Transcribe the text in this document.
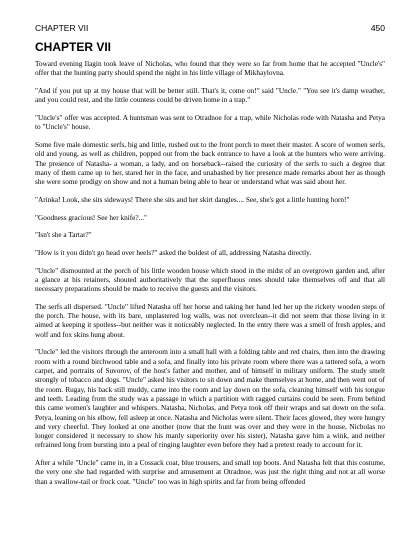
CHAPTER VII	450
CHAPTER VII

Toward evening Ilagin took leave of Nicholas, who found that they were so far from home that he accepted "Uncle's" offer that the hunting party should spend the night in his little village of Mikhaylovna.

"And if you put up at my house that will be better still. That's it, come on!" said "Uncle." "You see it's damp weather, and you could rest, and the little countess could be driven home in a trap."

"Uncle's" offer was accepted. A huntsman was sent to Otradnoe for a trap, while Nicholas rode with Natasha and Petya to "Uncle's" house.

Some five male domestic serfs, big and little, rushed out to the front porch to meet their master. A score of women serfs, old and young, as well as children, popped out from the back entrance to have a look at the hunters who were arriving. The presence of Natasha- a woman, a lady, and on horseback--raised the curiosity of the serfs to such a degree that many of them came up to her, stared her in the face, and unabashed by her presence made remarks about her as though she were some prodigy on show and not a human being able to hear or understand what was said about her.

"Arinka! Look, she sits sideways! There she sits and her skirt dangles.... See, she's got a little hunting horn!"

"Goodness gracious! See her knife?..."

"Isn't she a Tartar?"

"How is it you didn't go head over heels?" asked the boldest of all, addressing Natasha directly.

"Uncle" dismounted at the porch of his little wooden house which stood in the midst of an overgrown garden and, after a glance at his retainers, shouted authoritatively that the superfluous ones should take themselves off and that all necessary preparations should be made to receive the guests and the visitors.

The serfs all dispersed. "Uncle" lifted Natasha off her horse and taking her hand led her up the rickety wooden steps of the porch. The house, with its bare, unplastered log walls, was not overclean--it did not seem that those living in it aimed at keeping it spotless--but neither was it noticeably neglected. In the entry there was a smell of fresh apples, and wolf and fox skins hung about.

"Uncle" led the visitors through the anteroom into a small hall with a folding table and red chairs, then into the drawing room with a round birchwood table and a sofa, and finally into his private room where there was a tattered sofa, a worn carpet, and portraits of Suvorov, of the host's father and mother, and of himself in military uniform. The study smelt strongly of tobacco and dogs. "Uncle" asked his visitors to sit down and make themselves at home, and then went out of the room. Rugay, his back still muddy, came into the room and lay down on the sofa, cleaning himself with his tongue and teeth. Leading from the study was a passage in which a partition with ragged curtains could be seen. From behind this came women's laughter and whispers. Natasha, Nicholas, and Petya took off their wraps and sat down on the sofa. Petya, leaning on his elbow, fell asleep at once. Natasha and Nicholas were silent. Their faces glowed, they were hungry and very cheerful. They looked at one another (now that the hunt was over and they were in the house, Nicholas no longer considered it necessary to show his manly superiority over his sister), Natasha gave him a wink, and neither refrained long from bursting into a peal of ringing laughter even before they had a pretext ready to account for it.

After a while "Uncle" came in, in a Cossack coat, blue trousers, and small top boots. And Natasha felt that this costume, the very one she had regarded with surprise and amusement at Otradnoe, was just the right thing and not at all worse than a swallow-tail or frock coat. "Uncle" too was in high spirits and far from being offended
